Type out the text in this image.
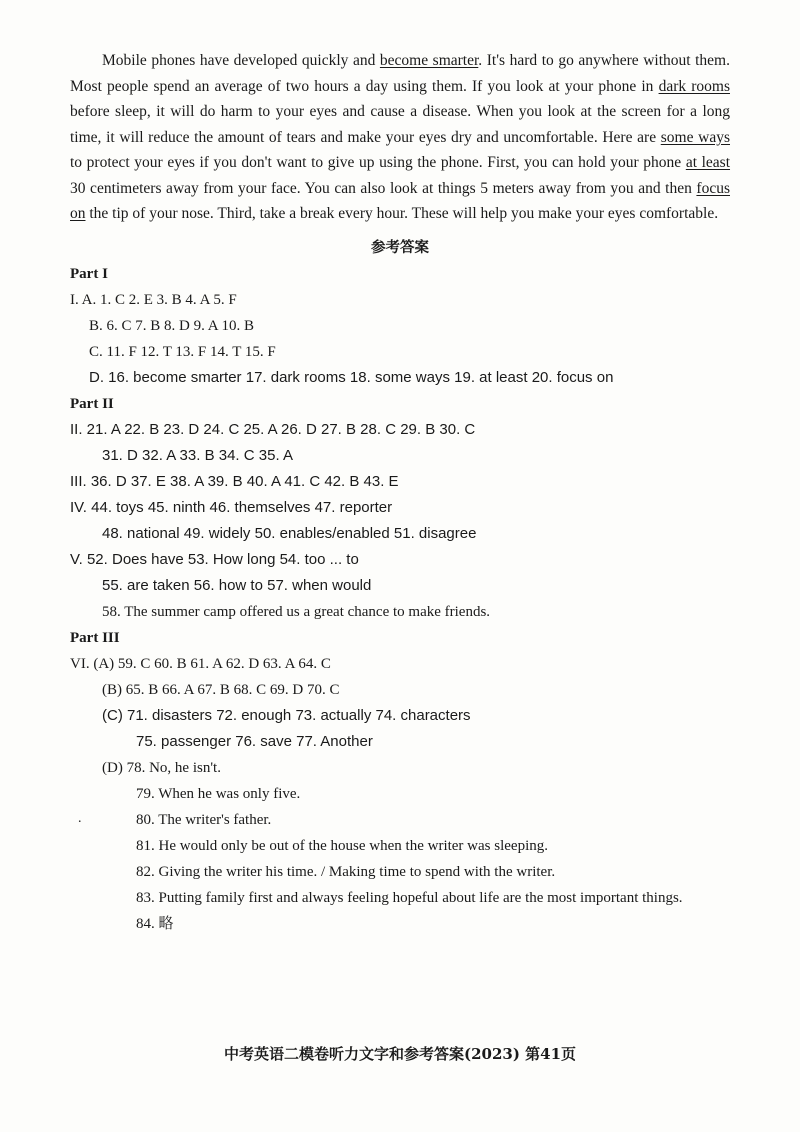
Mobile phones have developed quickly and become smarter. It's hard to go anywhere without them. Most people spend an average of two hours a day using them. If you look at your phone in dark rooms before sleep, it will do harm to your eyes and cause a disease. When you look at the screen for a long time, it will reduce the amount of tears and make your eyes dry and uncomfortable. Here are some ways to protect your eyes if you don't want to give up using the phone. First, you can hold your phone at least 30 centimeters away from your face. You can also look at things 5 meters away from you and then focus on the tip of your nose. Third, take a break every hour. These will help you make your eyes comfortable.

参考答案
Part I
I. A. 1. C 2. E 3. B 4. A 5. F
B. 6. C 7. B 8. D 9. A 10. B
C. 11. F 12. T 13. F 14. T 15. F
D. 16. become smarter 17. dark rooms 18. some ways 19. at least 20. focus on
Part II
II. 21. A 22. B 23. D 24. C 25. A 26. D 27. B 28. C 29. B 30. C
31. D 32. A 33. B 34. C 35. A
III. 36. D 37. E 38. A 39. B 40. A 41. C 42. B 43. E
IV. 44. toys 45. ninth 46. themselves 47. reporter
48. national 49. widely 50. enables/enabled 51. disagree
V. 52. Does have 53. How long 54. too ... to
55. are taken 56. how to 57. when would
58. The summer camp offered us a great chance to make friends.
Part III
VI. (A) 59. C 60. B 61. A 62. D 63. A 64. C
(B) 65. B 66. A 67. B 68. C 69. D 70. C
(C) 71. disasters 72. enough 73. actually 74. characters
75. passenger 76. save 77. Another
(D) 78. No, he isn't.
79. When he was only five.
80. The writer's father.
81. He would only be out of the house when the writer was sleeping.
82. Giving the writer his time. / Making time to spend with the writer.
83. Putting family first and always feeling hopeful about life are the most important things.
84. 略
.
中考英语二模卷听力文字和参考答案(2023) 第41页
